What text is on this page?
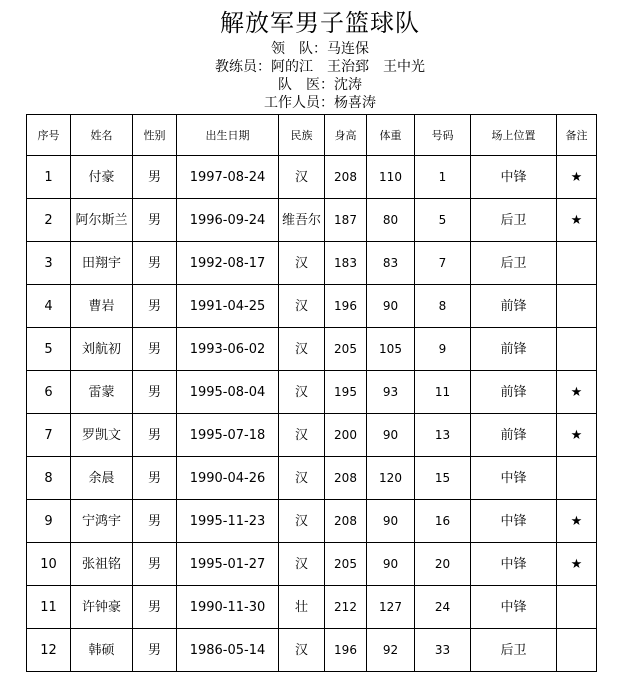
解放军男子篮球队
领　队：马连保
教练员：阿的江　王治郅　王中光
队　医：沈涛
工作人员：杨喜涛
序号	姓名	性别	出生日期	民族	身高	体重	号码	场上位置	备注
1	付豪	男	1997-08-24	汉	208	110	1	中锋	★
2	阿尔斯兰	男	1996-09-24	维吾尔	187	80	5	后卫	★
3	田翔宇	男	1992-08-17	汉	183	83	7	后卫	
4	曹岩	男	1991-04-25	汉	196	90	8	前锋	
5	刘航初	男	1993-06-02	汉	205	105	9	前锋	
6	雷蒙	男	1995-08-04	汉	195	93	11	前锋	★
7	罗凯文	男	1995-07-18	汉	200	90	13	前锋	★
8	余晨	男	1990-04-26	汉	208	120	15	中锋	
9	宁鸿宇	男	1995-11-23	汉	208	90	16	中锋	★
10	张祖铭	男	1995-01-27	汉	205	90	20	中锋	★
11	许钟豪	男	1990-11-30	壮	212	127	24	中锋	
12	韩硕	男	1986-05-14	汉	196	92	33	后卫	
